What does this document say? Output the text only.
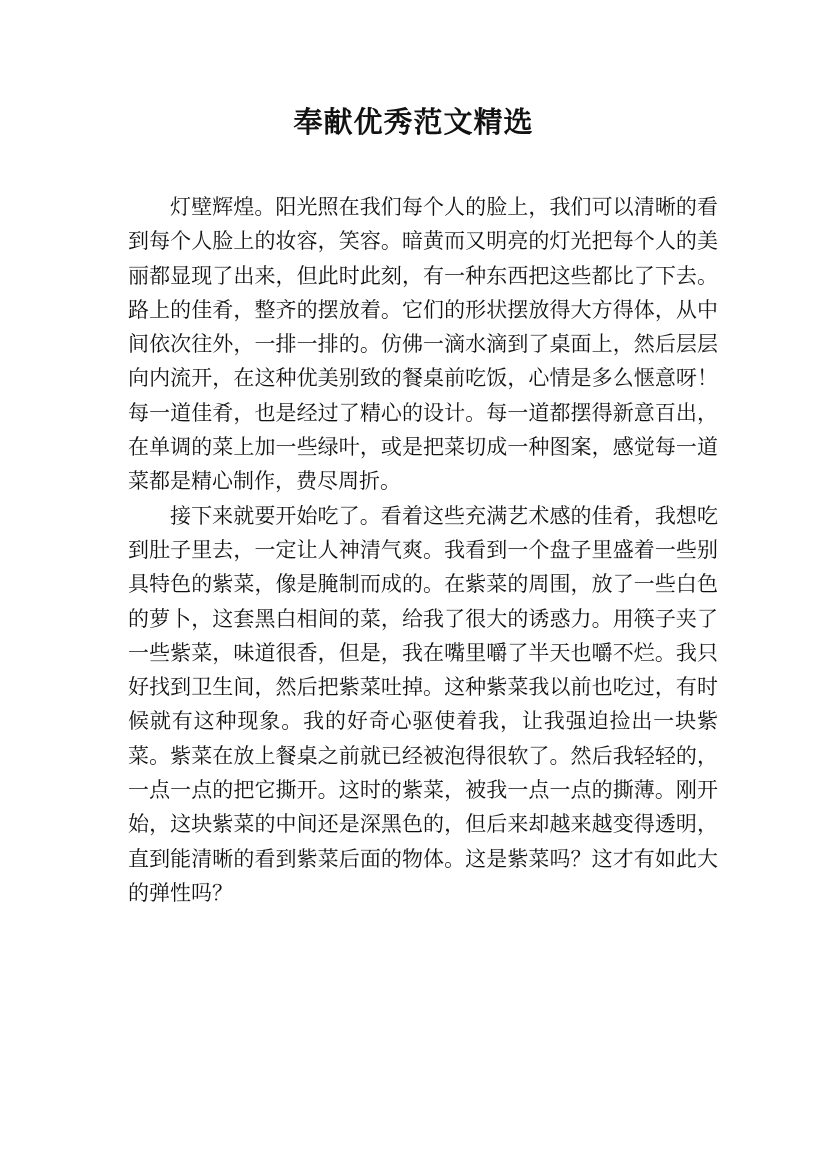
奉献优秀范文精选

灯壁辉煌。阳光照在我们每个人的脸上，我们可以清晰的看到每个人脸上的妆容，笑容。暗黄而又明亮的灯光把每个人的美丽都显现了出来，但此时此刻，有一种东西把这些都比了下去。路上的佳肴，整齐的摆放着。它们的形状摆放得大方得体，从中间依次往外，一排一排的。仿佛一滴水滴到了桌面上，然后层层向内流开，在这种优美别致的餐桌前吃饭，心情是多么惬意呀！每一道佳肴，也是经过了精心的设计。每一道都摆得新意百出，在单调的菜上加一些绿叶，或是把菜切成一种图案，感觉每一道菜都是精心制作，费尽周折。

接下来就要开始吃了。看着这些充满艺术感的佳肴，我想吃到肚子里去，一定让人神清气爽。我看到一个盘子里盛着一些别具特色的紫菜，像是腌制而成的。在紫菜的周围，放了一些白色的萝卜，这套黑白相间的菜，给我了很大的诱惑力。用筷子夹了一些紫菜，味道很香，但是，我在嘴里嚼了半天也嚼不烂。我只好找到卫生间，然后把紫菜吐掉。这种紫菜我以前也吃过，有时候就有这种现象。我的好奇心驱使着我，让我强迫捡出一块紫菜。紫菜在放上餐桌之前就已经被泡得很软了。然后我轻轻的，一点一点的把它撕开。这时的紫菜，被我一点一点的撕薄。刚开始，这块紫菜的中间还是深黑色的，但后来却越来越变得透明，直到能清晰的看到紫菜后面的物体。这是紫菜吗？这才有如此大的弹性吗？
